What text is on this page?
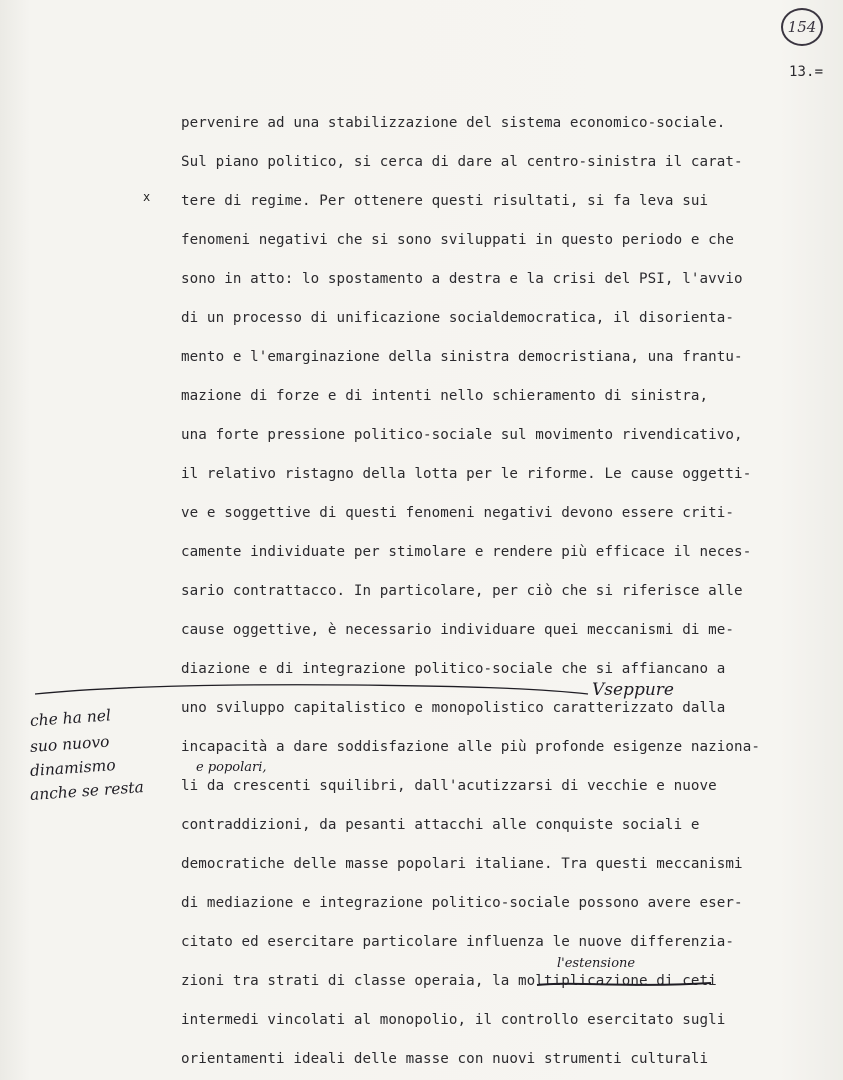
154
13.=
x
pervenire ad una stabilizzazione del sistema economico-sociale.
Sul piano politico, si cerca di dare al centro-sinistra il carat-
tere di regime. Per ottenere questi risultati, si fa leva sui
fenomeni negativi che si sono sviluppati in questo periodo e che
sono in atto: lo spostamento a destra e la crisi del PSI, l'avvio
di un processo di unificazione socialdemocratica, il disorienta-
mento e l'emarginazione della sinistra democristiana, una frantu-
mazione di forze e di intenti nello schieramento di sinistra,
una forte pressione politico-sociale sul movimento rivendicativo,
il relativo ristagno della lotta per le riforme. Le cause oggetti-
ve e soggettive di questi fenomeni negativi devono essere criti-
camente individuate per stimolare e rendere più efficace il neces-
sario contrattacco. In particolare, per ciò che si riferisce alle
cause oggettive, è necessario individuare quei meccanismi di me-
diazione e di integrazione politico-sociale che si affiancano a
uno sviluppo capitalistico e monopolistico caratterizzato dalla
incapacità a dare soddisfazione alle più profonde esigenze naziona-
li da crescenti squilibri, dall'acutizzarsi di vecchie e nuove
contraddizioni, da pesanti attacchi alle conquiste sociali e
democratiche delle masse popolari italiane. Tra questi meccanismi
di mediazione e integrazione politico-sociale possono avere eser-
citato ed esercitare particolare influenza le nuove differenzia-
zioni tra strati di classe operaia, la moltiplicazione di ceti
intermedi vincolati al monopolio, il controllo esercitato sugli
orientamenti ideali delle masse con nuovi strumenti culturali
Vseppure
e popolari,
l'estensione
che ha nel
suo nuovo
dinamismo
anche se resta
